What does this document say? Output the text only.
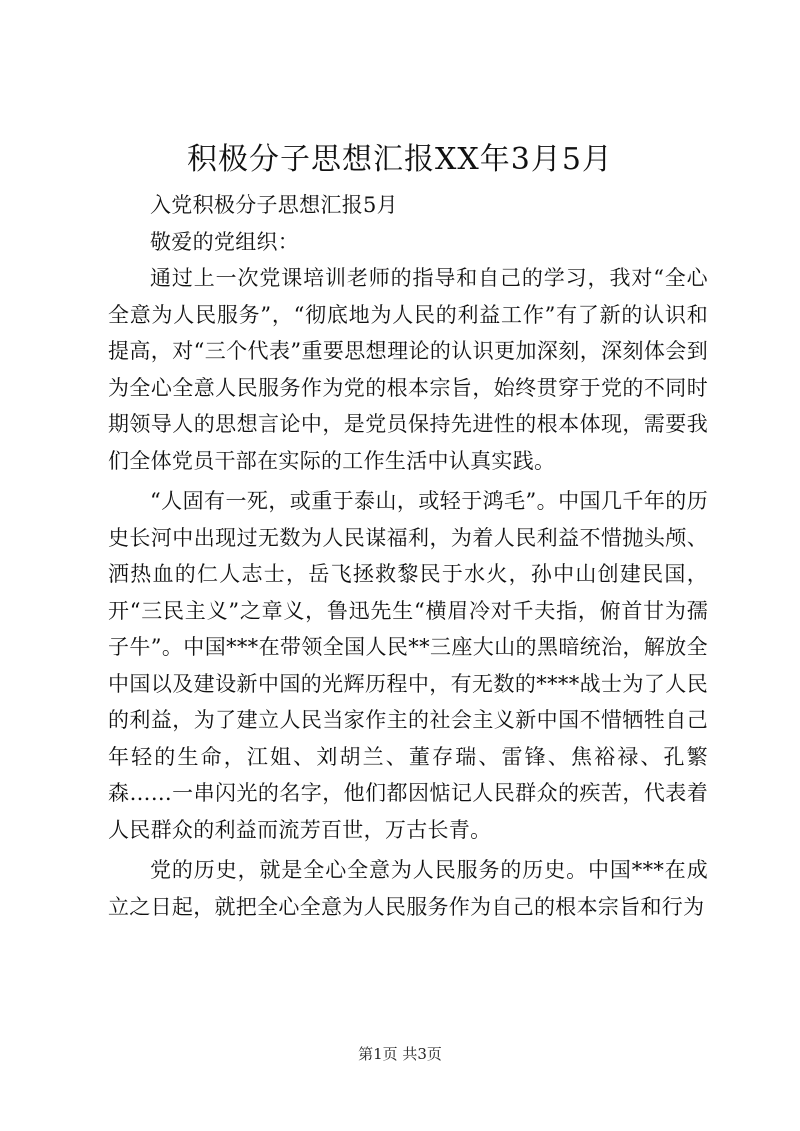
积极分子思想汇报XX年3月5月

入党积极分子思想汇报5月

敬爱的党组织：

通过上一次党课培训老师的指导和自己的学习，我对“全心全意为人民服务”，“彻底地为人民的利益工作”有了新的认识和提高，对“三个代表”重要思想理论的认识更加深刻，深刻体会到为全心全意人民服务作为党的根本宗旨，始终贯穿于党的不同时期领导人的思想言论中，是党员保持先进性的根本体现，需要我们全体党员干部在实际的工作生活中认真实践。

“人固有一死，或重于泰山，或轻于鸿毛”。中国几千年的历史长河中出现过无数为人民谋福利，为着人民利益不惜抛头颅、洒热血的仁人志士，岳飞拯救黎民于水火，孙中山创建民国，开“三民主义”之章义，鲁迅先生“横眉冷对千夫指，俯首甘为孺子牛”。中国***在带领全国人民**三座大山的黑暗统治，解放全中国以及建设新中国的光辉历程中，有无数的****战士为了人民的利益，为了建立人民当家作主的社会主义新中国不惜牺牲自己年轻的生命，江姐、刘胡兰、董存瑞、雷锋、焦裕禄、孔繁森……一串闪光的名字，他们都因惦记人民群众的疾苦，代表着人民群众的利益而流芳百世，万古长青。

党的历史，就是全心全意为人民服务的历史。中国***在成立之日起，就把全心全意为人民服务作为自己的根本宗旨和行为

第1页 共3页
